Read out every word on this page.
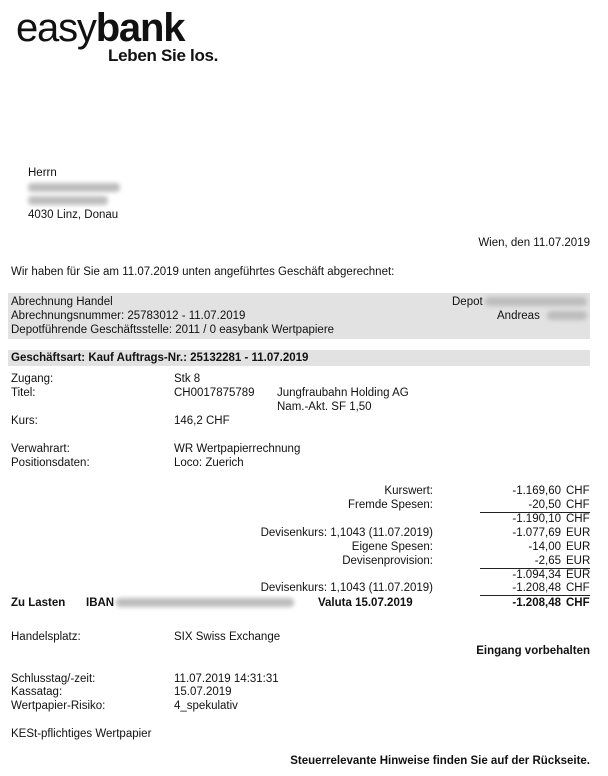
easybank
Leben Sie los.
Herrn
4030 Linz, Donau
Wien, den 11.07.2019
Wir haben für Sie am 11.07.2019 unten angeführtes Geschäft abgerechnet:
Abrechnung Handel	Depot
Abrechnungsnummer: 25783012 - 11.07.2019	Andreas
Depotführende Geschäftsstelle: 2011 / 0 easybank Wertpapiere
Geschäftsart: Kauf Auftrags-Nr.: 25132281 - 11.07.2019
Zugang:	Stk 8
Titel:	CH0017875789 Jungfraubahn Holding AG
Nam.-Akt. SF 1,50
Kurs:	146,2 CHF
Verwahrart:	WR Wertpapierrechnung
Positionsdaten:	Loco: Zuerich
Kurswert:	-1.169,60 CHF
Fremde Spesen:	-20,50 CHF
-1.190,10 CHF
Devisenkurs: 1,1043 (11.07.2019)	-1.077,69 EUR
Eigene Spesen:	-14,00 EUR
Devisenprovision:	-2,65 EUR
-1.094,34 EUR
Devisenkurs: 1,1043 (11.07.2019)	-1.208,48 CHF
Zu Lasten IBAN	Valuta 15.07.2019	-1.208,48 CHF
Handelsplatz:	SIX Swiss Exchange
Eingang vorbehalten
Schlusstag/-zeit:	11.07.2019 14:31:31
Kassatag:	15.07.2019
Wertpapier-Risiko:	4_spekulativ
KESt-pflichtiges Wertpapier
Steuerrelevante Hinweise finden Sie auf der Rückseite.
